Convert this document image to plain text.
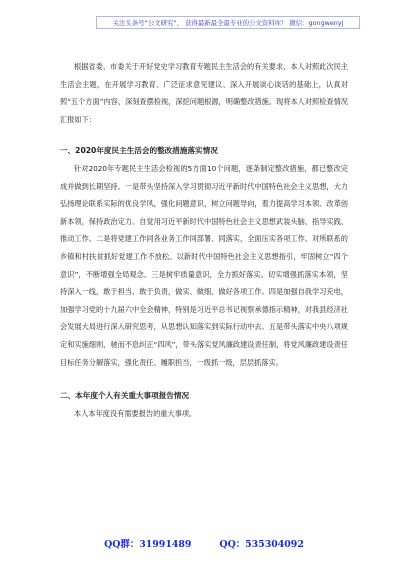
关注头条号“公文研究”， 获得最新最全最专业的公文资料库！ 微信：gongwenyj

根据省委、市委关于开好党史学习教育专题民主生活会的有关要求，本人对照此次民主生活会主题，在开展学习教育、广泛征求意见建议、深入开展谈心谈话的基础上，认真对照“五个方面”内容，深刻查摆检视，深挖问题根源，明确整改措施。现将本人对照检查情况汇报如下：

一、2020年度民主生活会的整改措施落实情况

针对2020年专题民主生活会检视的5方面10个问题，逐条制定整改措施，都已整改完成并做到长期坚持。一是带头坚持深入学习贯彻习近平新时代中国特色社会主义思想，大力弘扬理论联系实际的优良学风，强化问题意识、树立问题导向，着力提高学习本领、改革创新本领，保持政治定力。自觉用习近平新时代中国特色社会主义思想武装头脑、指导实践、推动工作。二是将党建工作同各业务工作同部署、同落实，全面压实各项工作。对所联系的乡镇和村扶贫抓好党建工作不放松。以新时代中国特色社会主义思想指引，牢固树立“四个意识”，不断增强全局观念。三是树牢质量意识，全力抓好落实。切实增强抓落实本领，坚持深入一线，敢于担当、敢于负责，做实、做细、做好各项工作。四是加强自我学习充电，加强学习党的十九届六中全会精神，特别是习近平总书记视察承德指示精神，对我县经济社会发展大局进行深入研究思考，从思想认知落实到实际行动中去。五是带头落实中央八项规定和实施细则，驰而不息纠正“四风”，带头落实党风廉政建设责任制，将党风廉政建设责任目标任务分解落实，强化责任、履职担当，一级抓一级，层层抓落实。

二、本年度个人有关重大事项报告情况

本人本年度没有需要报告的重大事项。

QQ群：31991489	QQ：535304092
